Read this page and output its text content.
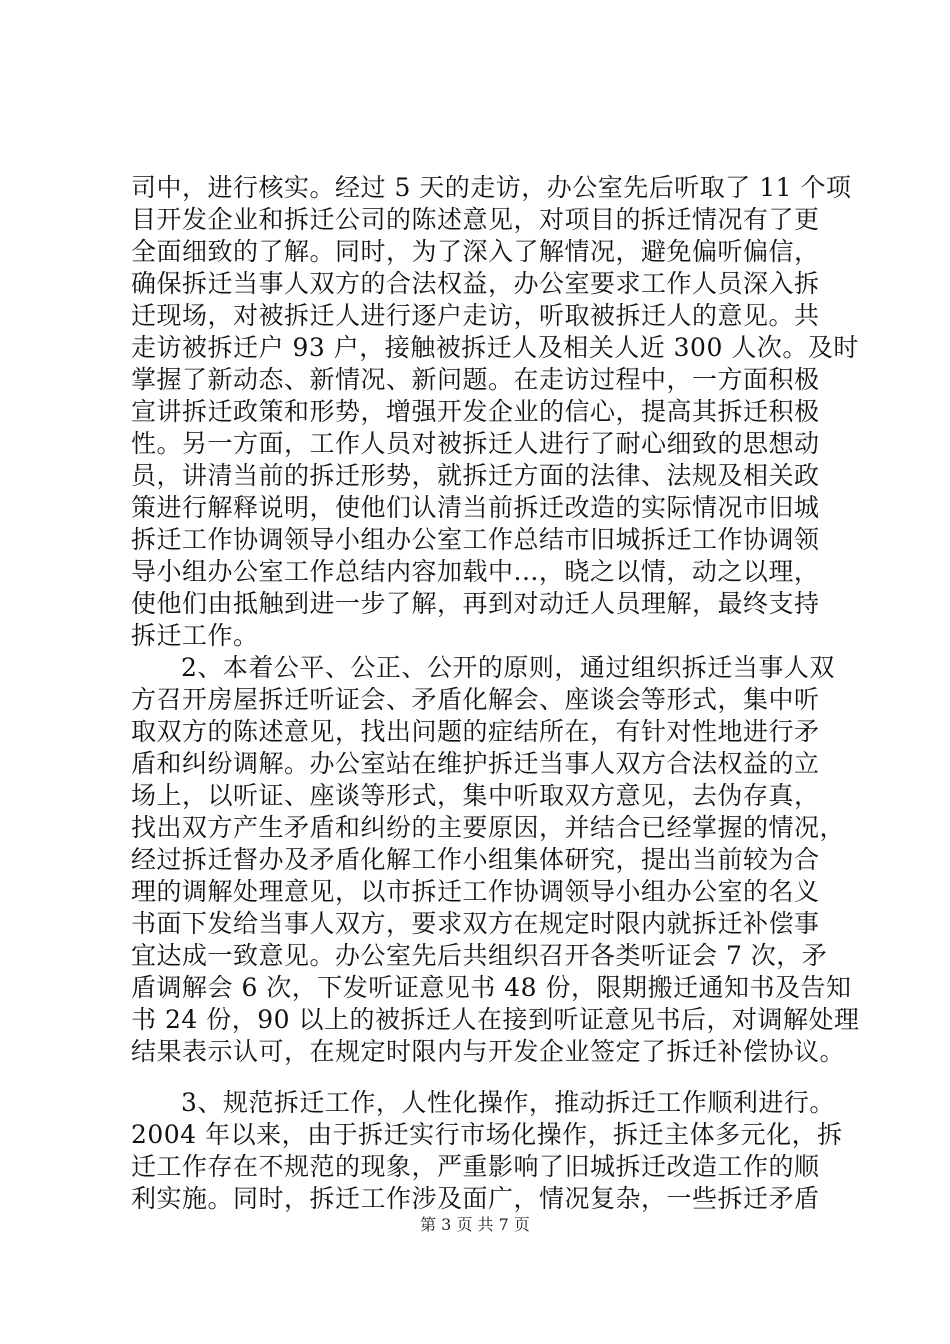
司中，进行核实。经过 5 天的走访，办公室先后听取了 11 个项
目开发企业和拆迁公司的陈述意见，对项目的拆迁情况有了更
全面细致的了解。同时，为了深入了解情况，避免偏听偏信，
确保拆迁当事人双方的合法权益，办公室要求工作人员深入拆
迁现场，对被拆迁人进行逐户走访，听取被拆迁人的意见。共
走访被拆迁户 93 户，接触被拆迁人及相关人近 300 人次。及时
掌握了新动态、新情况、新问题。在走访过程中，一方面积极
宣讲拆迁政策和形势，增强开发企业的信心，提高其拆迁积极
性。另一方面，工作人员对被拆迁人进行了耐心细致的思想动
员，讲清当前的拆迁形势，就拆迁方面的法律、法规及相关政
策进行解释说明，使他们认清当前拆迁改造的实际情况市旧城
拆迁工作协调领导小组办公室工作总结市旧城拆迁工作协调领
导小组办公室工作总结内容加载中...，晓之以情，动之以理，
使他们由抵触到进一步了解，再到对动迁人员理解，最终支持
拆迁工作。
2、本着公平、公正、公开的原则，通过组织拆迁当事人双
方召开房屋拆迁听证会、矛盾化解会、座谈会等形式，集中听
取双方的陈述意见，找出问题的症结所在，有针对性地进行矛
盾和纠纷调解。办公室站在维护拆迁当事人双方合法权益的立
场上，以听证、座谈等形式，集中听取双方意见，去伪存真，
找出双方产生矛盾和纠纷的主要原因，并结合已经掌握的情况，
经过拆迁督办及矛盾化解工作小组集体研究，提出当前较为合
理的调解处理意见，以市拆迁工作协调领导小组办公室的名义
书面下发给当事人双方，要求双方在规定时限内就拆迁补偿事
宜达成一致意见。办公室先后共组织召开各类听证会 7 次，矛
盾调解会 6 次，下发听证意见书 48 份，限期搬迁通知书及告知
书 24 份，90 以上的被拆迁人在接到听证意见书后，对调解处理
结果表示认可，在规定时限内与开发企业签定了拆迁补偿协议。
3、规范拆迁工作，人性化操作，推动拆迁工作顺利进行。
2004 年以来，由于拆迁实行市场化操作，拆迁主体多元化，拆
迁工作存在不规范的现象，严重影响了旧城拆迁改造工作的顺
利实施。同时，拆迁工作涉及面广，情况复杂，一些拆迁矛盾
第 3 页 共 7 页
